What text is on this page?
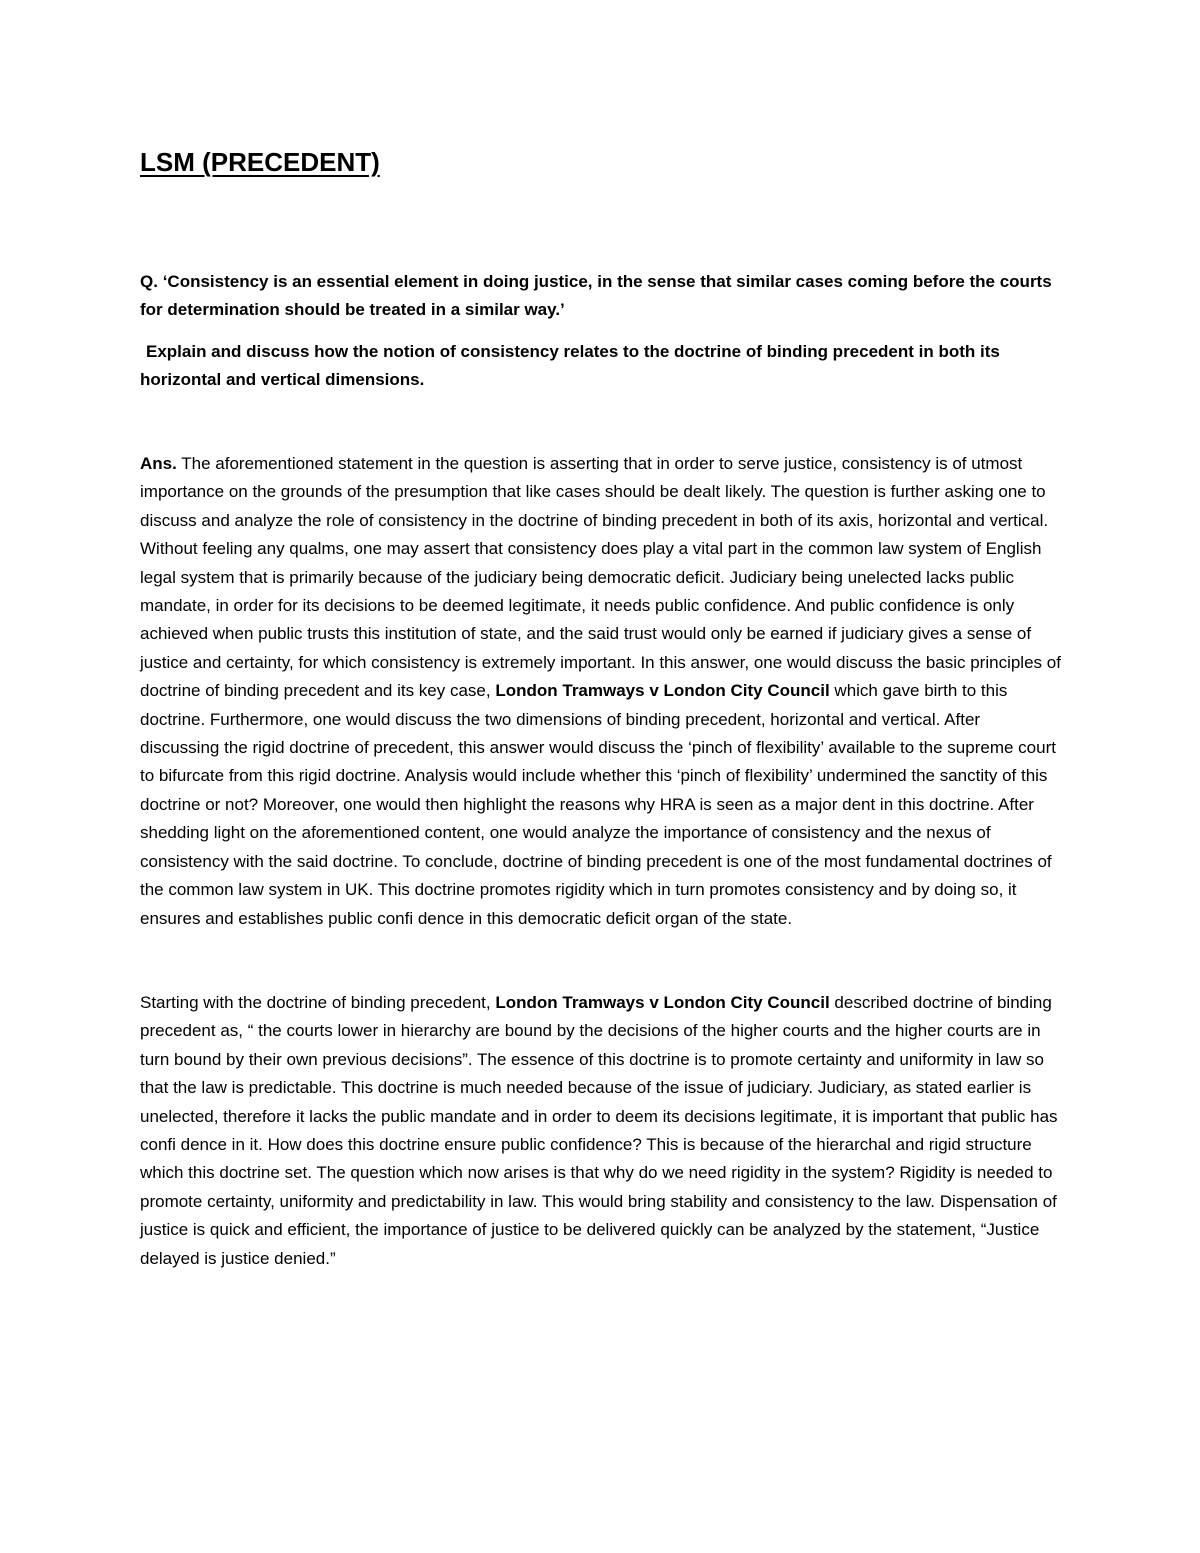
LSM (PRECEDENT)
Q. ‘Consistency is an essential element in doing justice, in the sense that similar cases coming before the courts for determination should be treated in a similar way.’
Explain and discuss how the notion of consistency relates to the doctrine of binding precedent in both its horizontal and vertical dimensions.

Ans. The aforementioned statement in the question is asserting that in order to serve justice, consistency is of utmost importance on the grounds of the presumption that like cases should be dealt likely. The question is further asking one to discuss and analyze the role of consistency in the doctrine of binding precedent in both of its axis, horizontal and vertical. Without feeling any qualms, one may assert that consistency does play a vital part in the common law system of English legal system that is primarily because of the judiciary being democratic deficit. Judiciary being unelected lacks public mandate, in order for its decisions to be deemed legitimate, it needs public confidence. And public confidence is only achieved when public trusts this institution of state, and the said trust would only be earned if judiciary gives a sense of justice and certainty, for which consistency is extremely important. In this answer, one would discuss the basic principles of doctrine of binding precedent and its key case, London Tramways v London City Council which gave birth to this doctrine. Furthermore, one would discuss the two dimensions of binding precedent, horizontal and vertical. After discussing the rigid doctrine of precedent, this answer would discuss the ‘pinch of flexibility’ available to the supreme court to bifurcate from this rigid doctrine. Analysis would include whether this ‘pinch of flexibility’ undermined the sanctity of this doctrine or not? Moreover, one would then highlight the reasons why HRA is seen as a major dent in this doctrine. After shedding light on the aforementioned content, one would analyze the importance of consistency and the nexus of consistency with the said doctrine. To conclude, doctrine of binding precedent is one of the most fundamental doctrines of the common law system in UK. This doctrine promotes rigidity which in turn promotes consistency and by doing so, it ensures and establishes public confi dence in this democratic deficit organ of the state.

Starting with the doctrine of binding precedent, London Tramways v London City Council described doctrine of binding precedent as, “ the courts lower in hierarchy are bound by the decisions of the higher courts and the higher courts are in turn bound by their own previous decisions”. The essence of this doctrine is to promote certainty and uniformity in law so that the law is predictable. This doctrine is much needed because of the issue of judiciary. Judiciary, as stated earlier is unelected, therefore it lacks the public mandate and in order to deem its decisions legitimate, it is important that public has confi dence in it. How does this doctrine ensure public confidence? This is because of the hierarchal and rigid structure which this doctrine set. The question which now arises is that why do we need rigidity in the system? Rigidity is needed to promote certainty, uniformity and predictability in law. This would bring stability and consistency to the law. Dispensation of justice is quick and efficient, the importance of justice to be delivered quickly can be analyzed by the statement, “Justice delayed is justice denied.”
